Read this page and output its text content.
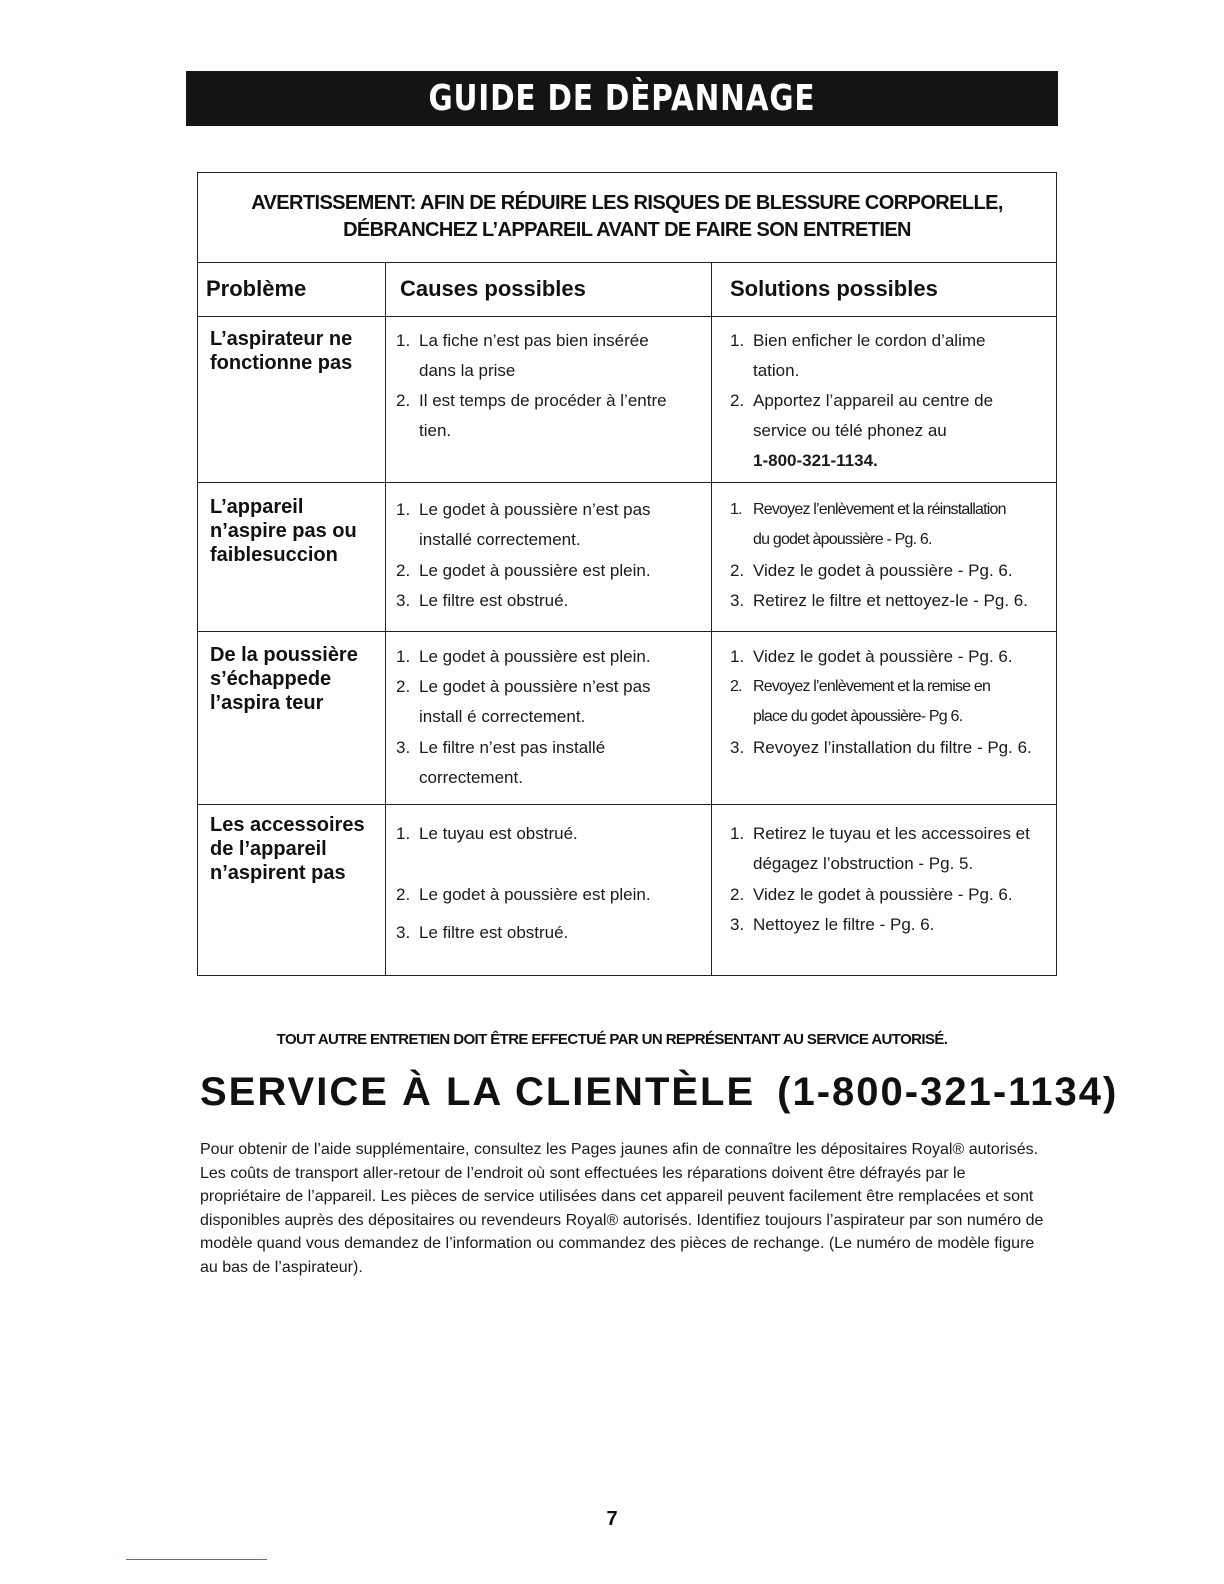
GUIDE DE DÈPANNAGE
AVERTISSEMENT: AFIN DE RÉDUIRE LES RISQUES DE BLESSURE CORPORELLE,
DÉBRANCHEZ L’APPAREIL AVANT DE FAIRE SON ENTRETIEN
Problème	Causes possibles	Solutions possibles
L’aspirateur ne fonctionne pas
1. La fiche n’est pas bien insérée
dans la prise
2. Il est temps de procéder à l’entre
tien.
1. Bien enficher le cordon d’alime
tation.
2. Apportez l’appareil au centre de
service ou télé phonez au
1-800-321-1134.
L’appareil n’aspire pas ou faiblesuccion
1. Le godet à poussière n’est pas
installé correctement.
2. Le godet à poussière est plein.
3. Le filtre est obstrué.
1. Revoyez l’enlèvement et la réinstallation
du godet àpoussière - Pg. 6.
2. Videz le godet à poussière - Pg. 6.
3. Retirez le filtre et nettoyez-le - Pg. 6.
De la poussière s’échappede l’aspira teur
1. Le godet à poussière est plein.
2. Le godet à poussière n’est pas
install é correctement.
3. Le filtre n’est pas installé
correctement.
1. Videz le godet à poussière - Pg. 6.
2. Revoyez l’enlèvement et la remise en
place du godet àpoussière- Pg 6.
3. Revoyez l’installation du filtre - Pg. 6.
Les accessoires de l’appareil n’aspirent pas
1. Le tuyau est obstrué.
2. Le godet à poussière est plein.
3. Le filtre est obstrué.
1. Retirez le tuyau et les accessoires et
dégagez l’obstruction - Pg. 5.
2. Videz le godet à poussière - Pg. 6.
3. Nettoyez le filtre - Pg. 6.
TOUT AUTRE ENTRETIEN DOIT ÊTRE EFFECTUÉ PAR UN REPRÉSENTANT AU SERVICE AUTORISÉ.
SERVICE À LA CLIENTÈLE (1-800-321-1134)
Pour obtenir de l’aide supplémentaire, consultez les Pages jaunes afin de connaître les dépositaires Royal® autorisés. Les coûts de transport aller-retour de l’endroit où sont effectuées les réparations doivent être défrayés par le propriétaire de l’appareil. Les pièces de service utilisées dans cet appareil peuvent facilement être remplacées et sont disponibles auprès des dépositaires ou revendeurs Royal® autorisés. Identifiez toujours l’aspirateur par son numéro de modèle quand vous demandez de l’information ou commandez des pièces de rechange. (Le numéro de modèle figure au bas de l’aspirateur).
7
